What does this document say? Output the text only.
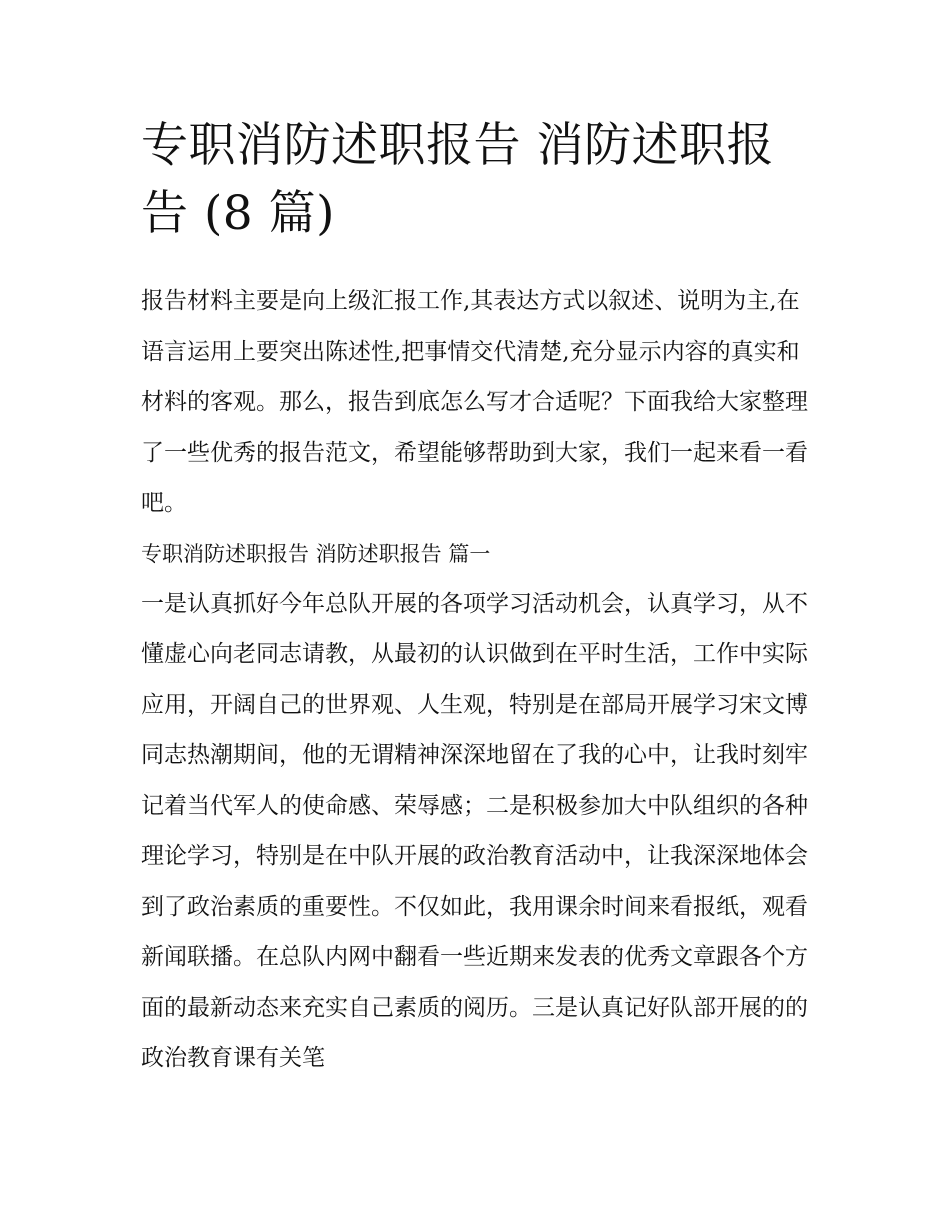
专职消防述职报告 消防述职报告 (8 篇)

报告材料主要是向上级汇报工作,其表达方式以叙述、说明为主,在语言运用上要突出陈述性,把事情交代清楚,充分显示内容的真实和材料的客观。那么，报告到底怎么写才合适呢？下面我给大家整理了一些优秀的报告范文，希望能够帮助到大家，我们一起来看一看吧。

专职消防述职报告 消防述职报告 篇一

一是认真抓好今年总队开展的各项学习活动机会，认真学习，从不懂虚心向老同志请教，从最初的认识做到在平时生活，工作中实际应用，开阔自己的世界观、人生观，特别是在部局开展学习宋文博同志热潮期间，他的无谓精神深深地留在了我的心中，让我时刻牢记着当代军人的使命感、荣辱感；二是积极参加大中队组织的各种理论学习，特别是在中队开展的政治教育活动中，让我深深地体会到了政治素质的重要性。不仅如此，我用课余时间来看报纸，观看新闻联播。在总队内网中翻看一些近期来发表的优秀文章跟各个方面的最新动态来充实自己素质的阅历。三是认真记好队部开展的的政治教育课有关笔
